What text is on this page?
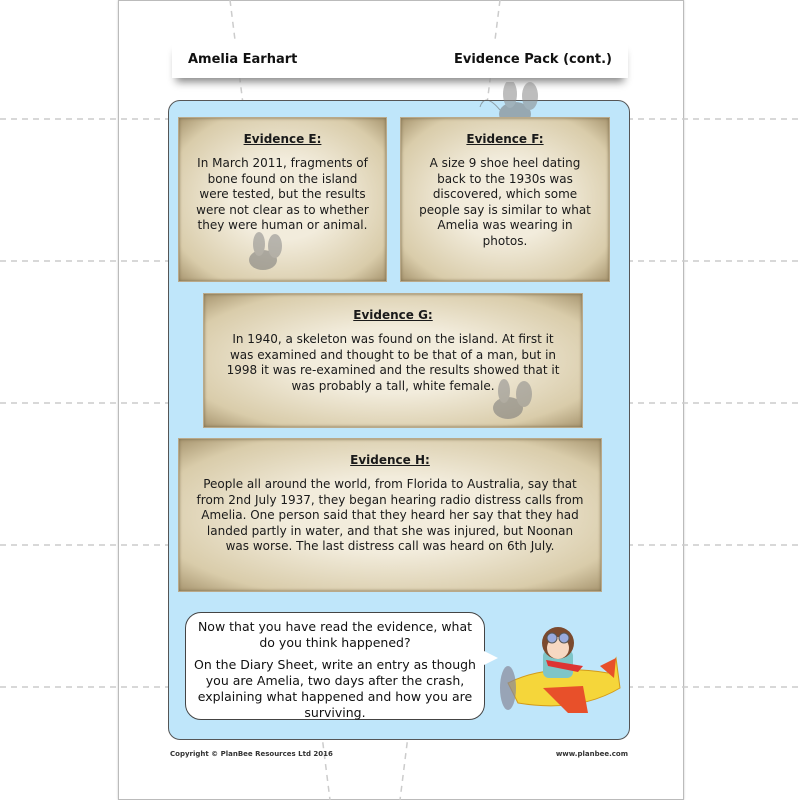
Amelia Earhart	Evidence Pack (cont.)
Evidence E:

In March 2011, fragments of bone found on the island were tested, but the results were not clear as to whether they were human or animal.

Evidence F:

A size 9 shoe heel dating back to the 1930s was discovered, which some people say is similar to what Amelia was wearing in photos.

Evidence G:

In 1940, a skeleton was found on the island. At first it was examined and thought to be that of a man, but in 1998 it was re-examined and the results showed that it was probably a tall, white female.

Evidence H:

People all around the world, from Florida to Australia, say that from 2nd July 1937, they began hearing radio distress calls from Amelia. One person said that they heard her say that they had landed partly in water, and that she was injured, but Noonan was worse. The last distress call was heard on 6th July.

Now that you have read the evidence, what do you think happened?

On the Diary Sheet, write an entry as though you are Amelia, two days after the crash, explaining what happened and how you are surviving.

Copyright © PlanBee Resources Ltd 2016	www.planbee.com
